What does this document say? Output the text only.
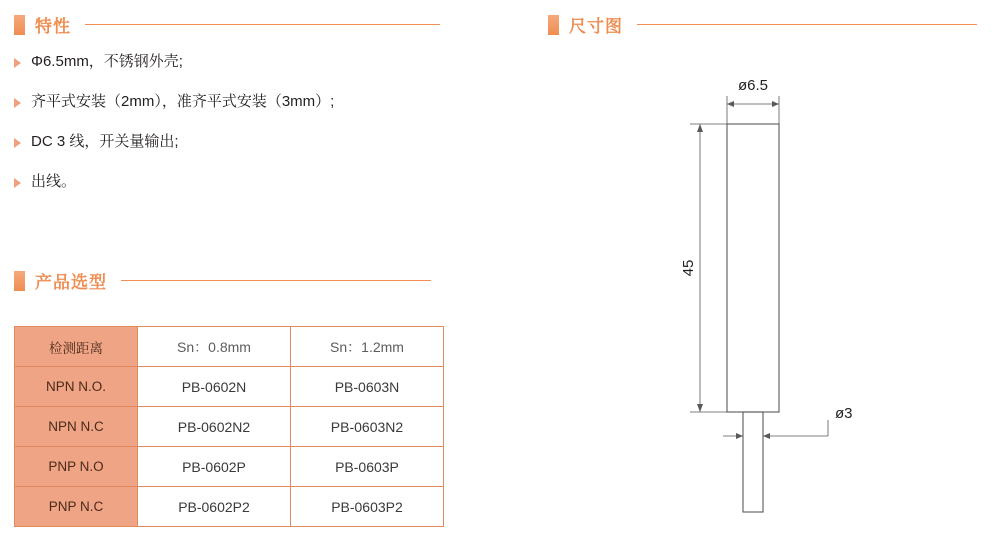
特性
Φ6.5mm，不锈钢外壳;
齐平式安装（2mm），准齐平式安装（3mm）;
DC 3 线，开关量输出;
出线。
产品选型
检测距离	Sn：0.8mm	Sn：1.2mm
NPN N.O.	PB-0602N	PB-0603N
NPN N.C	PB-0602N2	PB-0603N2
PNP N.O	PB-0602P	PB-0603P
PNP N.C	PB-0602P2	PB-0603P2
尺寸图
ø6.5
45
ø3
